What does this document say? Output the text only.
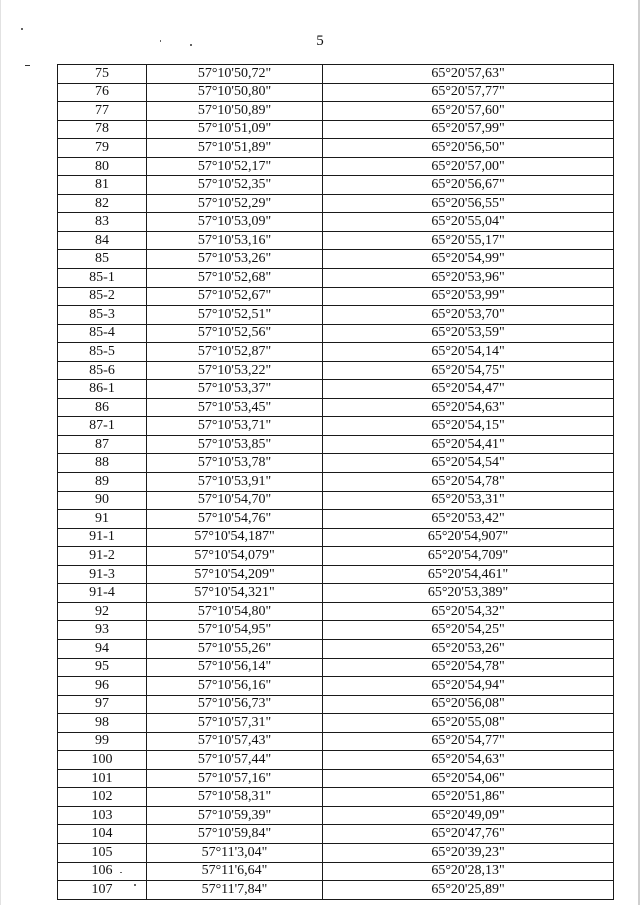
5
75	57°10'50,72"	65°20'57,63"
76	57°10'50,80"	65°20'57,77"
77	57°10'50,89"	65°20'57,60"
78	57°10'51,09"	65°20'57,99"
79	57°10'51,89"	65°20'56,50"
80	57°10'52,17"	65°20'57,00"
81	57°10'52,35"	65°20'56,67"
82	57°10'52,29"	65°20'56,55"
83	57°10'53,09"	65°20'55,04"
84	57°10'53,16"	65°20'55,17"
85	57°10'53,26"	65°20'54,99"
85-1	57°10'52,68"	65°20'53,96"
85-2	57°10'52,67"	65°20'53,99"
85-3	57°10'52,51"	65°20'53,70"
85-4	57°10'52,56"	65°20'53,59"
85-5	57°10'52,87"	65°20'54,14"
85-6	57°10'53,22"	65°20'54,75"
86-1	57°10'53,37"	65°20'54,47"
86	57°10'53,45"	65°20'54,63"
87-1	57°10'53,71"	65°20'54,15"
87	57°10'53,85"	65°20'54,41"
88	57°10'53,78"	65°20'54,54"
89	57°10'53,91"	65°20'54,78"
90	57°10'54,70"	65°20'53,31"
91	57°10'54,76"	65°20'53,42"
91-1	57°10'54,187"	65°20'54,907"
91-2	57°10'54,079"	65°20'54,709"
91-3	57°10'54,209"	65°20'54,461"
91-4	57°10'54,321"	65°20'53,389"
92	57°10'54,80"	65°20'54,32"
93	57°10'54,95"	65°20'54,25"
94	57°10'55,26"	65°20'53,26"
95	57°10'56,14"	65°20'54,78"
96	57°10'56,16"	65°20'54,94"
97	57°10'56,73"	65°20'56,08"
98	57°10'57,31"	65°20'55,08"
99	57°10'57,43"	65°20'54,77"
100	57°10'57,44"	65°20'54,63"
101	57°10'57,16"	65°20'54,06"
102	57°10'58,31"	65°20'51,86"
103	57°10'59,39"	65°20'49,09"
104	57°10'59,84"	65°20'47,76"
105	57°11'3,04"	65°20'39,23"
106	57°11'6,64"	65°20'28,13"
107	57°11'7,84"	65°20'25,89"
